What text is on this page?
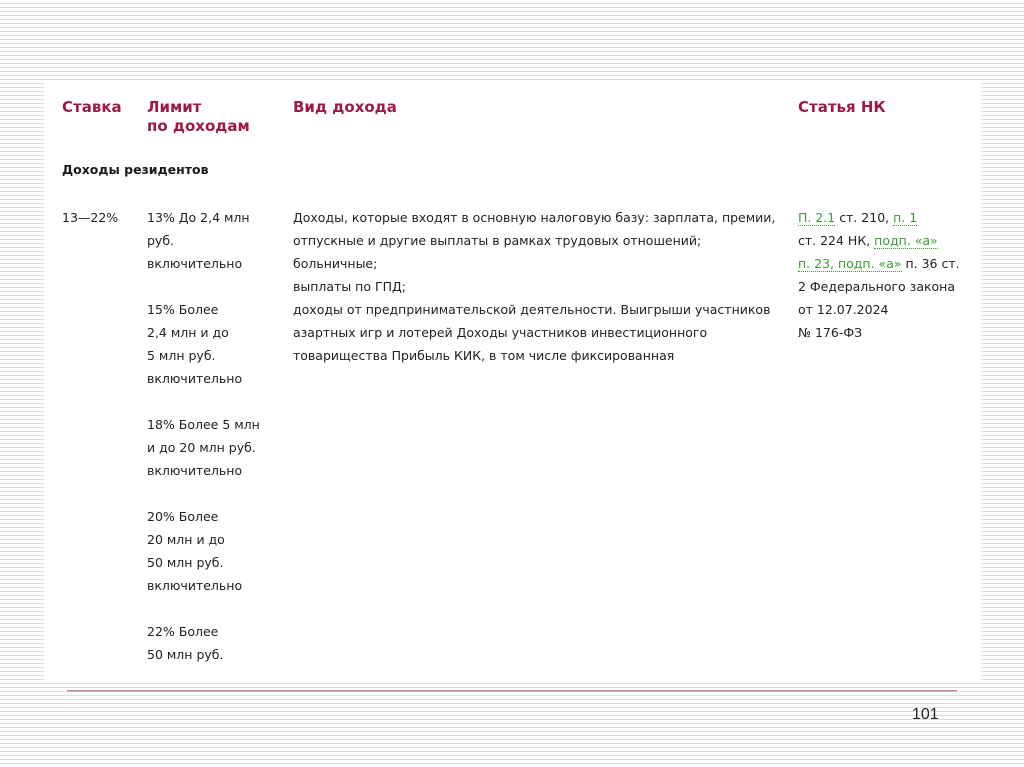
Ставка Лимит
по доходам
Вид дохода	Статья НК
Доходы резидентов
13—22% 13% До 2,4 млн
руб.
включительно
15% Более
2,4 млн и до
5 млн руб.
включительно
18% Более 5 млн
и до 20 млн руб.
включительно
20% Более
20 млн и до
50 млн руб.
включительно
22% Более
50 млн руб.
Доходы, которые входят в основную налоговую базу: зарплата, премии,
отпускные и другие выплаты в рамках трудовых отношений;
больничные;
выплаты по ГПД;
доходы от предпринимательской деятельности. Выигрыши участников
азартных игр и лотерей Доходы участников инвестиционного
товарищества Прибыль КИК, в том числе фиксированная
П. 2.1 ст. 210, п. 1
ст. 224 НК, подп. «а»
п. 23, подп. «а» п. 36 ст.
2 Федерального закона
от 12.07.2024
№ 176-ФЗ
101
